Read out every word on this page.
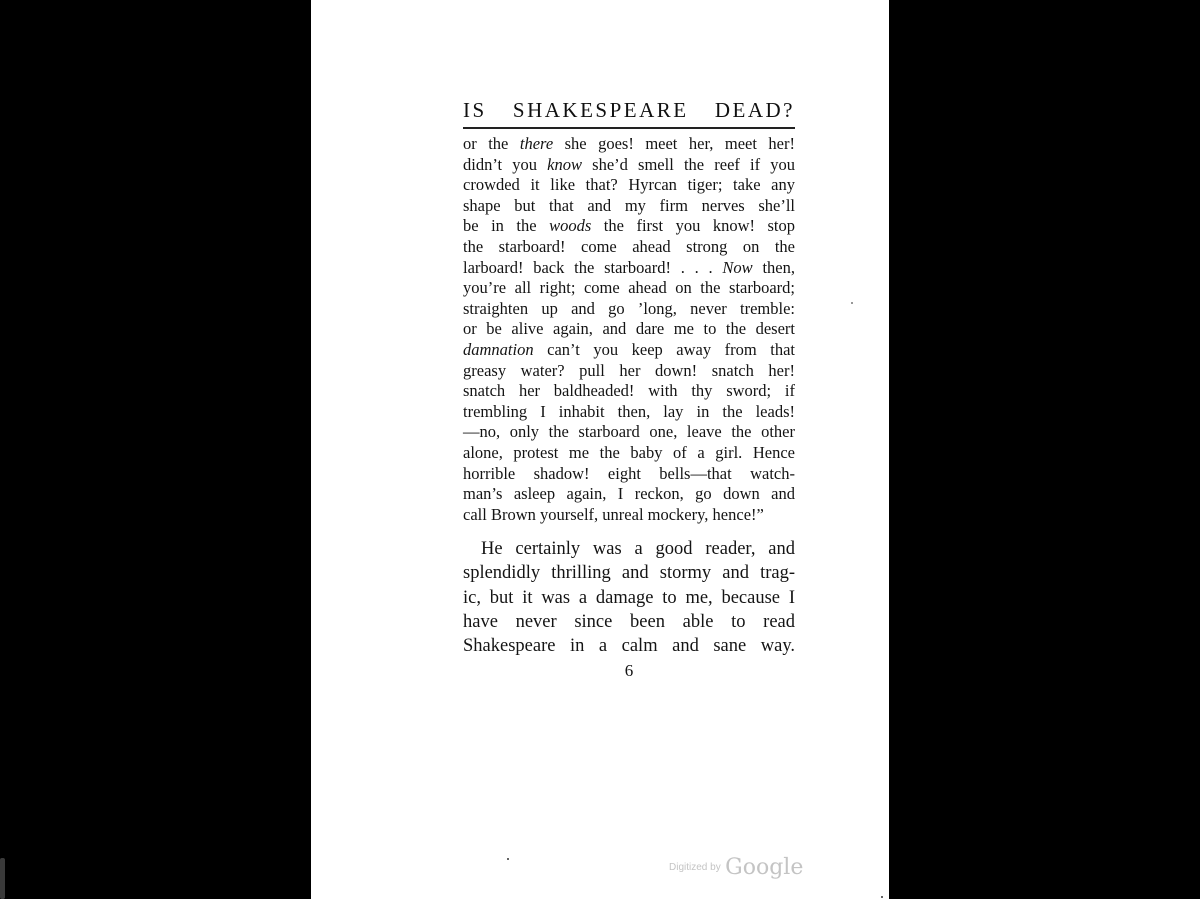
IS SHAKESPEARE DEAD?
or the there she goes! meet her, meet her!
didn’t you know she’d smell the reef if you
crowded it like that? Hyrcan tiger; take any
shape but that and my firm nerves she’ll
be in the woods the first you know! stop
the starboard! come ahead strong on the
larboard! back the starboard! . . . Now then,
you’re all right; come ahead on the starboard;
straighten up and go ’long, never tremble:
or be alive again, and dare me to the desert
damnation can’t you keep away from that
greasy water? pull her down! snatch her!
snatch her baldheaded! with thy sword; if
trembling I inhabit then, lay in the leads!
—no, only the starboard one, leave the other
alone, protest me the baby of a girl. Hence
horrible shadow! eight bells—that watch-
man’s asleep again, I reckon, go down and
call Brown yourself, unreal mockery, hence!”
He certainly was a good reader, and
splendidly thrilling and stormy and trag-
ic, but it was a damage to me, because I
have never since been able to read
Shakespeare in a calm and sane way.
6
Digitized by Google
